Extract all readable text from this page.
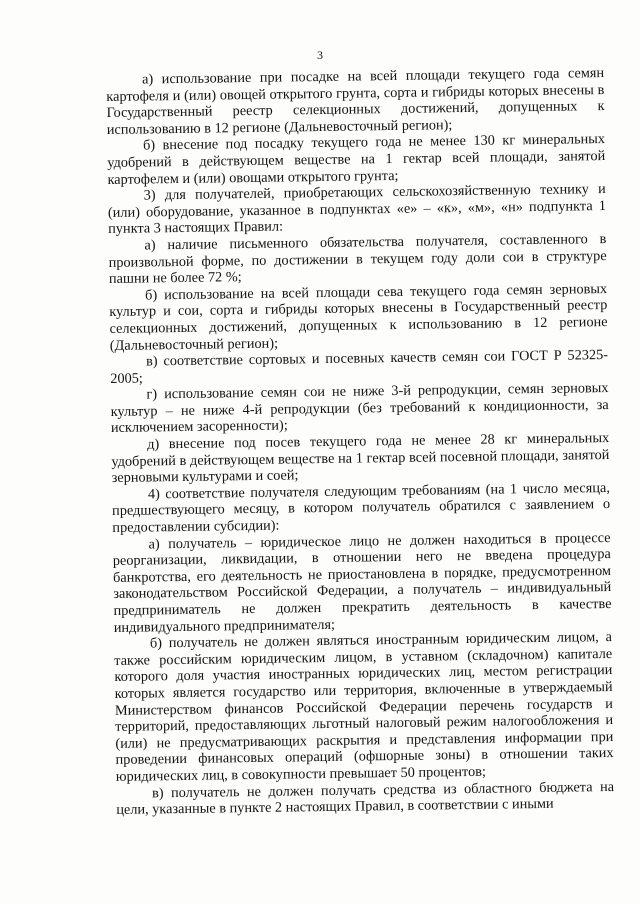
3

а) использование при посадке на всей площади текущего года семян картофеля и (или) овощей открытого грунта, сорта и гибриды которых внесены в Государственный реестр селекционных достижений, допущенных к использованию в 12 регионе (Дальневосточный регион);

б) внесение под посадку текущего года не менее 130 кг минеральных удобрений в действующем веществе на 1 гектар всей площади, занятой картофелем и (или) овощами открытого грунта;

3) для получателей, приобретающих сельскохозяйственную технику и (или) оборудование, указанное в подпунктах «е» – «к», «м», «н» подпункта 1 пункта 3 настоящих Правил:

а) наличие письменного обязательства получателя, составленного в произвольной форме, по достижении в текущем году доли сои в структуре пашни не более 72 %;

б) использование на всей площади сева текущего года семян зерновых культур и сои, сорта и гибриды которых внесены в Государственный реестр селекционных достижений, допущенных к использованию в 12 регионе (Дальневосточный регион);

в) соответствие сортовых и посевных качеств семян сои ГОСТ Р 52325-2005;

г) использование семян сои не ниже 3-й репродукции, семян зерновых культур – не ниже 4-й репродукции (без требований к кондиционности, за исключением засоренности);

д) внесение под посев текущего года не менее 28 кг минеральных удобрений в действующем веществе на 1 гектар всей посевной площади, занятой зерновыми культурами и соей;

4) соответствие получателя следующим требованиям (на 1 число месяца, предшествующего месяцу, в котором получатель обратился с заявлением о предоставлении субсидии):

а) получатель – юридическое лицо не должен находиться в процессе реорганизации, ликвидации, в отношении него не введена процедура банкротства, его деятельность не приостановлена в порядке, предусмотренном законодательством Российской Федерации, а получатель – индивидуальный предприниматель не должен прекратить деятельность в качестве индивидуального предпринимателя;

б) получатель не должен являться иностранным юридическим лицом, а также российским юридическим лицом, в уставном (складочном) капитале которого доля участия иностранных юридических лиц, местом регистрации которых является государство или территория, включенные в утверждаемый Министерством финансов Российской Федерации перечень государств и территорий, предоставляющих льготный налоговый режим налогообложения и (или) не предусматривающих раскрытия и представления информации при проведении финансовых операций (офшорные зоны) в отношении таких юридических лиц, в совокупности превышает 50 процентов;

в) получатель не должен получать средства из областного бюджета на цели, указанные в пункте 2 настоящих Правил, в соответствии с иными
